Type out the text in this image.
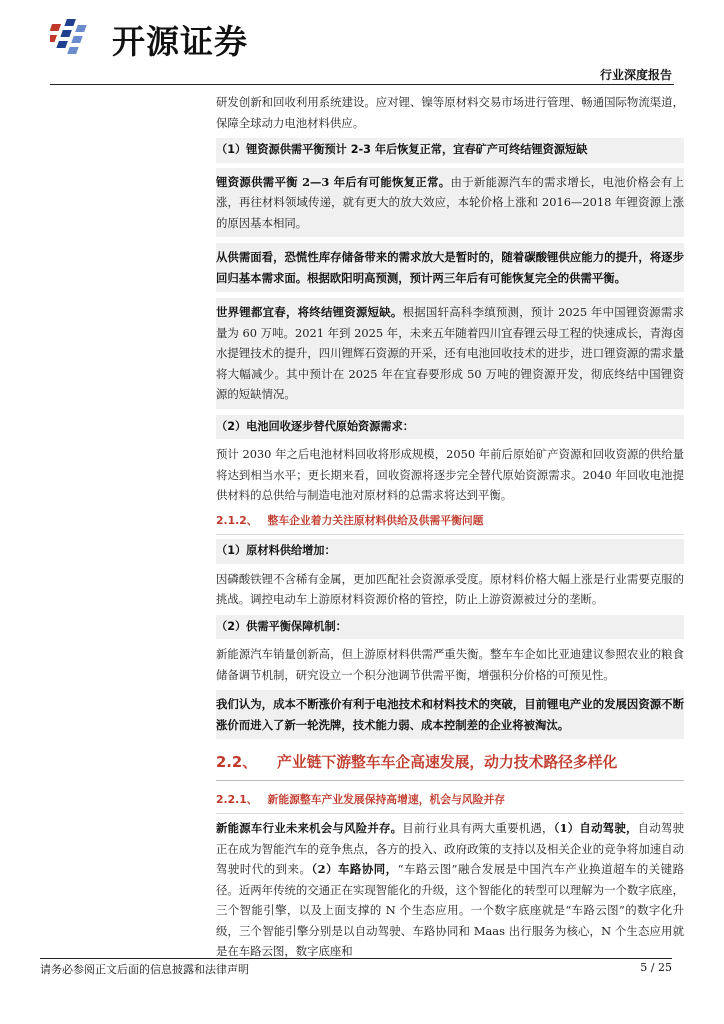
开源证券
行业深度报告

研发创新和回收利用系统建设。应对锂、镍等原材料交易市场进行管理、畅通国际物流渠道，保障全球动力电池材料供应。

（1）锂资源供需平衡预计 2-3 年后恢复正常，宜春矿产可终结锂资源短缺

锂资源供需平衡 2—3 年后有可能恢复正常。由于新能源汽车的需求增长，电池价格会有上涨，再往材料领域传递，就有更大的放大效应，本轮价格上涨和 2016—2018 年锂资源上涨的原因基本相同。

从供需面看，恐慌性库存储备带来的需求放大是暂时的，随着碳酸锂供应能力的提升，将逐步回归基本需求面。根据欧阳明高预测，预计两三年后有可能恢复完全的供需平衡。

世界锂都宜春，将终结锂资源短缺。根据国轩高科李缜预测，预计 2025 年中国锂资源需求量为 60 万吨。2021 年到 2025 年，未来五年随着四川宜春锂云母工程的快速成长，青海卤水提锂技术的提升，四川锂辉石资源的开采，还有电池回收技术的进步，进口锂资源的需求量将大幅减少。其中预计在 2025 年在宜春要形成 50 万吨的锂资源开发，彻底终结中国锂资源的短缺情况。

（2）电池回收逐步替代原始资源需求：

预计 2030 年之后电池材料回收将形成规模，2050 年前后原始矿产资源和回收资源的供给量将达到相当水平；更长期来看，回收资源将逐步完全替代原始资源需求。2040 年回收电池提供材料的总供给与制造电池对原材料的总需求将达到平衡。

2.1.2、 整车企业着力关注原材料供给及供需平衡问题
（1）原材料供给增加：

因磷酸铁锂不含稀有金属，更加匹配社会资源承受度。原材料价格大幅上涨是行业需要克服的挑战。调控电动车上游原材料资源价格的管控，防止上游资源被过分的垄断。

（2）供需平衡保障机制：

新能源汽车销量创新高，但上游原材料供需严重失衡。整车车企如比亚迪建议参照农业的粮食储备调节机制，研究设立一个积分池调节供需平衡，增强积分价格的可预见性。

我们认为，成本不断涨价有利于电池技术和材料技术的突破，目前锂电产业的发展因资源不断涨价而进入了新一轮洗牌，技术能力弱、成本控制差的企业将被淘汰。

2.2、 产业链下游整车车企高速发展，动力技术路径多样化
2.2.1、 新能源整车产业发展保持高增速，机会与风险并存

新能源车行业未来机会与风险并存。目前行业具有两大重要机遇，（1）自动驾驶，自动驾驶正在成为智能汽车的竞争焦点，各方的投入、政府政策的支持以及相关企业的竞争将加速自动驾驶时代的到来。（2）车路协同，“车路云图”融合发展是中国汽车产业换道超车的关键路径。近两年传统的交通正在实现智能化的升级，这个智能化的转型可以理解为一个数字底座，三个智能引擎，以及上面支撑的 N 个生态应用。一个数字底座就是“车路云图”的数字化升级，三个智能引擎分别是以自动驾驶、车路协同和 Maas 出行服务为核心，N 个生态应用就是在车路云图，数字底座和

请务必参阅正文后面的信息披露和法律声明	5 / 25
